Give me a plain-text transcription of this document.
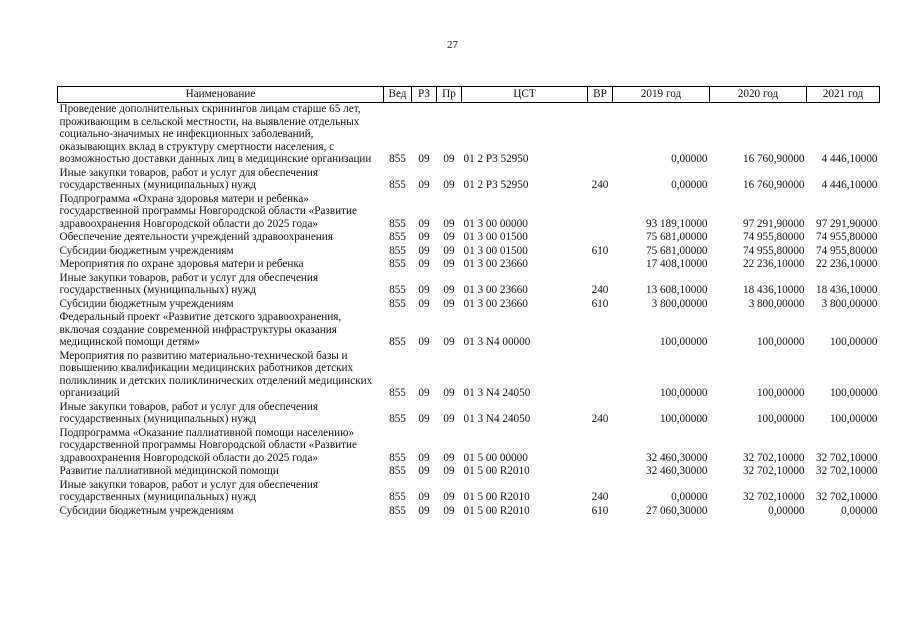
27
Наименование	Вед	РЗ	Пр	ЦСТ	ВР	2019 год	2020 год	2021 год
Проведение дополнительных скринингов лицам старше 65 лет, проживающим в сельской местности, на выявление отдельных социально-значимых не инфекционных заболеваний, оказывающих вклад в структуру смертности населения, с возможностью доставки данных лиц в медицинские организации	855	09	09	01 2 P3 52950		0,00000	16 760,90000	4 446,10000
Иные закупки товаров, работ и услуг для обеспечения государственных (муниципальных) нужд	855	09	09	01 2 P3 52950	240	0,00000	16 760,90000	4 446,10000
Подпрограмма «Охрана здоровья матери и ребенка» государственной программы Новгородской области «Развитие здравоохранения Новгородской области до 2025 года»	855	09	09	01 3 00 00000		93 189,10000	97 291,90000	97 291,90000
Обеспечение деятельности учреждений здравоохранения	855	09	09	01 3 00 01500		75 681,00000	74 955,80000	74 955,80000
Субсидии бюджетным учреждениям	855	09	09	01 3 00 01500	610	75 681,00000	74 955,80000	74 955,80000
Мероприятия по охране здоровья матери и ребенка	855	09	09	01 3 00 23660		17 408,10000	22 236,10000	22 236,10000
Иные закупки товаров, работ и услуг для обеспечения государственных (муниципальных) нужд	855	09	09	01 3 00 23660	240	13 608,10000	18 436,10000	18 436,10000
Субсидии бюджетным учреждениям	855	09	09	01 3 00 23660	610	3 800,00000	3 800,00000	3 800,00000
Федеральный проект «Развитие детского здравоохранения, включая создание современной инфраструктуры оказания медицинской помощи детям»	855	09	09	01 3 N4 00000		100,00000	100,00000	100,00000
Мероприятия по развитию материально-технической базы и повышению квалификации медицинских работников детских поликлиник и детских поликлинических отделений медицинских организаций	855	09	09	01 3 N4 24050		100,00000	100,00000	100,00000
Иные закупки товаров, работ и услуг для обеспечения государственных (муниципальных) нужд	855	09	09	01 3 N4 24050	240	100,00000	100,00000	100,00000
Подпрограмма «Оказание паллиативной помощи населению» государственной программы Новгородской области «Развитие здравоохранения Новгородской области до 2025 года»	855	09	09	01 5 00 00000		32 460,30000	32 702,10000	32 702,10000
Развитие паллиативной медицинской помощи	855	09	09	01 5 00 R2010		32 460,30000	32 702,10000	32 702,10000
Иные закупки товаров, работ и услуг для обеспечения государственных (муниципальных) нужд	855	09	09	01 5 00 R2010	240	0,00000	32 702,10000	32 702,10000
Субсидии бюджетным учреждениям	855	09	09	01 5 00 R2010	610	27 060,30000	0,00000	0,00000
